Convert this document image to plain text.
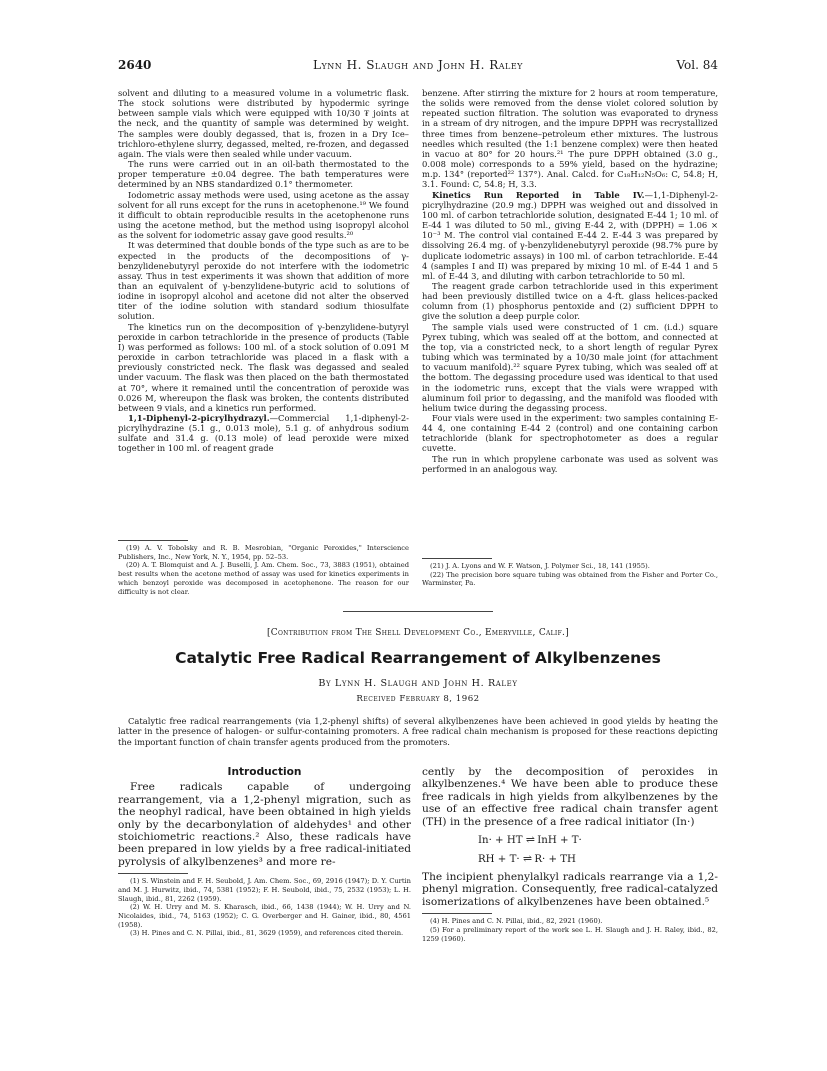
2640	Lynn H. Slaugh and John H. Raley	Vol. 84

solvent and diluting to a measured volume in a volumetric flask. The stock solutions were distributed by hypodermic syringe between sample vials which were equipped with 10/30 ₮ joints at the neck, and the quantity of sample was determined by weight. The samples were doubly degassed, that is, frozen in a Dry Ice–trichloro-ethylene slurry, degassed, melted, re-frozen, and degassed again. The vials were then sealed while under vacuum.

The runs were carried out in an oil-bath thermostated to the proper temperature ±0.04 degree. The bath temperatures were determined by an NBS standardized 0.1° thermometer.

Iodometric assay methods were used, using acetone as the assay solvent for all runs except for the runs in acetophenone.¹⁹ We found it difficult to obtain reproducible results in the acetophenone runs using the acetone method, but the method using isopropyl alcohol as the solvent for iodometric assay gave good results.²⁰

It was determined that double bonds of the type such as are to be expected in the products of the decompositions of γ-benzylidenebutyryl peroxide do not interfere with the iodometric assay. Thus in test experiments it was shown that addition of more than an equivalent of γ-benzylidene-butyric acid to solutions of iodine in isopropyl alcohol and acetone did not alter the observed titer of the iodine solution with standard sodium thiosulfate solution.

The kinetics run on the decomposition of γ-benzylidene-butyryl peroxide in carbon tetrachloride in the presence of products (Table I) was performed as follows: 100 ml. of a stock solution of 0.091 M peroxide in carbon tetrachloride was placed in a flask with a previously constricted neck. The flask was degassed and sealed under vacuum. The flask was then placed on the bath thermostated at 70°, where it remained until the concentration of peroxide was 0.026 M, whereupon the flask was broken, the contents distributed between 9 vials, and a kinetics run performed.

1,1-Diphenyl-2-picrylhydrazyl.—Commercial 1,1-diphenyl-2-picrylhydrazine (5.1 g., 0.013 mole), 5.1 g. of anhydrous sodium sulfate and 31.4 g. (0.13 mole) of lead peroxide were mixed together in 100 ml. of reagent grade

(19) A. V. Tobolsky and R. B. Mesrobian, "Organic Peroxides," Interscience Publishers, Inc., New York, N. Y., 1954, pp. 52–53.

(20) A. T. Blomquist and A. J. Buselli, J. Am. Chem. Soc., 73, 3883 (1951), obtained best results when the acetone method of assay was used for kinetics experiments in which benzoyl peroxide was decomposed in acetophenone. The reason for our difficulty is not clear.

benzene. After stirring the mixture for 2 hours at room temperature, the solids were removed from the dense violet colored solution by repeated suction filtration. The solution was evaporated to dryness in a stream of dry nitrogen, and the impure DPPH was recrystallized three times from benzene–petroleum ether mixtures. The lustrous needles which resulted (the 1:1 benzene complex) were then heated in vacuo at 80° for 20 hours.²¹ The pure DPPH obtained (3.0 g., 0.008 mole) corresponds to a 59% yield, based on the hydrazine; m.p. 134° (reported²² 137°). Anal. Calcd. for C₁₈H₁₂N₅O₆: C, 54.8; H, 3.1. Found: C, 54.8; H, 3.3.

Kinetics Run Reported in Table IV.—1,1-Diphenyl-2-picrylhydrazine (20.9 mg.) DPPH was weighed out and dissolved in 100 ml. of carbon tetrachloride solution, designated E-44 1; 10 ml. of E-44 1 was diluted to 50 ml., giving E-44 2, with (DPPH) = 1.06 × 10⁻³ M. The control vial contained E-44 2. E-44 3 was prepared by dissolving 26.4 mg. of γ-benzylidenebutyryl peroxide (98.7% pure by duplicate iodometric assays) in 100 ml. of carbon tetrachloride. E-44 4 (samples I and II) was prepared by mixing 10 ml. of E-44 1 and 5 ml. of E-44 3, and diluting with carbon tetrachloride to 50 ml.

The reagent grade carbon tetrachloride used in this experiment had been previously distilled twice on a 4-ft. glass helices-packed column from (1) phosphorus pentoxide and (2) sufficient DPPH to give the solution a deep purple color.

The sample vials used were constructed of 1 cm. (i.d.) square Pyrex tubing, which was sealed off at the bottom, and connected at the top, via a constricted neck, to a short length of regular Pyrex tubing which was terminated by a 10/30 male joint (for attachment to vacuum manifold).²² square Pyrex tubing, which was sealed off at the bottom. The degassing procedure used was identical to that used in the iodometric runs, except that the vials were wrapped with aluminum foil prior to degassing, and the manifold was flooded with helium twice during the degassing process.

Four vials were used in the experiment: two samples containing E-44 4, one containing E-44 2 (control) and one containing carbon tetrachloride (blank for spectrophotometer as does a regular cuvette.

The run in which propylene carbonate was used as solvent was performed in an analogous way.

(21) J. A. Lyons and W. F. Watson, J. Polymer Sci., 18, 141 (1955).

(22) The precision bore square tubing was obtained from the Fisher and Porter Co., Warminster, Pa.

[Contribution from The Shell Development Co., Emeryville, Calif.]
Catalytic Free Radical Rearrangement of Alkylbenzenes
By Lynn H. Slaugh and John H. Raley
Received February 8, 1962

Catalytic free radical rearrangements (via 1,2-phenyl shifts) of several alkylbenzenes have been achieved in good yields by heating the latter in the presence of halogen- or sulfur-containing promoters. A free radical chain mechanism is proposed for these reactions depicting the important function of chain transfer agents produced from the promoters.

Introduction

Free radicals capable of undergoing rearrangement, via a 1,2-phenyl migration, such as the neophyl radical, have been obtained in high yields only by the decarbonylation of aldehydes¹ and other stoichiometric reactions.² Also, these radicals have been prepared in low yields by a free radical-initiated pyrolysis of alkylbenzenes³ and more re-

(1) S. Winstein and F. H. Seubold, J. Am. Chem. Soc., 69, 2916 (1947); D. Y. Curtin and M. J. Hurwitz, ibid., 74, 5381 (1952); F. H. Seubold, ibid., 75, 2532 (1953); L. H. Slaugh, ibid., 81, 2262 (1959).

(2) W. H. Urry and M. S. Kharasch, ibid., 66, 1438 (1944); W. H. Urry and N. Nicolaides, ibid., 74, 5163 (1952); C. G. Overberger and H. Gainer, ibid., 80, 4561 (1958).

(3) H. Pines and C. N. Pillai, ibid., 81, 3629 (1959), and references cited therein.

cently by the decomposition of peroxides in alkylbenzenes.⁴ We have been able to produce these free radicals in high yields from alkylbenzenes by the use of an effective free radical chain transfer agent (TH) in the presence of a free radical initiator (In·)

In· + HT ⇌ InH + T·
RH + T· ⇌ R· + TH

The incipient phenylalkyl radicals rearrange via a 1,2-phenyl migration. Consequently, free radical-catalyzed isomerizations of alkylbenzenes have been obtained.⁵

(4) H. Pines and C. N. Pillai, ibid., 82, 2921 (1960).

(5) For a preliminary report of the work see L. H. Slaugh and J. H. Raley, ibid., 82, 1259 (1960).
